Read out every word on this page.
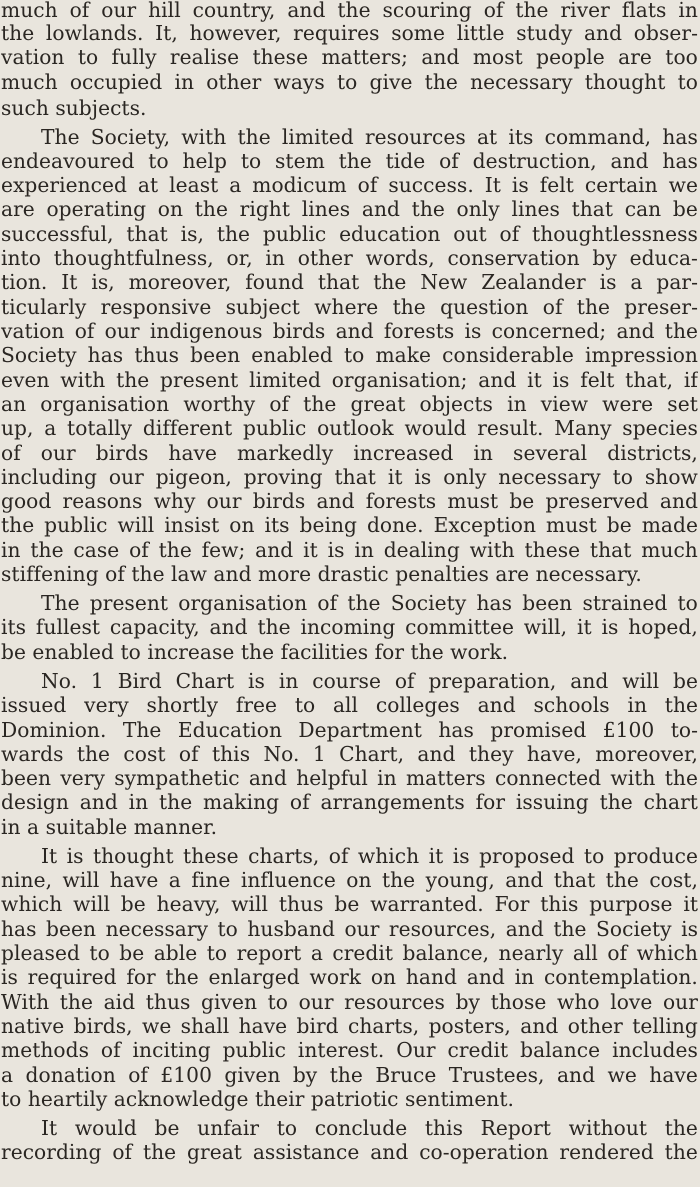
much of our hill country, and the scouring of the river flats in
the lowlands. It, however, requires some little study and obser-
vation to fully realise these matters; and most people are too
much occupied in other ways to give the necessary thought to
such subjects.
The Society, with the limited resources at its command, has
endeavoured to help to stem the tide of destruction, and has
experienced at least a modicum of success. It is felt certain we
are operating on the right lines and the only lines that can be
successful, that is, the public education out of thoughtlessness
into thoughtfulness, or, in other words, conservation by educa-
tion. It is, moreover, found that the New Zealander is a par-
ticularly responsive subject where the question of the preser-
vation of our indigenous birds and forests is concerned; and the
Society has thus been enabled to make considerable impression
even with the present limited organisation; and it is felt that, if
an organisation worthy of the great objects in view were set
up, a totally different public outlook would result. Many species
of our birds have markedly increased in several districts,
including our pigeon, proving that it is only necessary to show
good reasons why our birds and forests must be preserved and
the public will insist on its being done. Exception must be made
in the case of the few; and it is in dealing with these that much
stiffening of the law and more drastic penalties are necessary.
The present organisation of the Society has been strained to
its fullest capacity, and the incoming committee will, it is hoped,
be enabled to increase the facilities for the work.
No. 1 Bird Chart is in course of preparation, and will be
issued very shortly free to all colleges and schools in the
Dominion. The Education Department has promised £100 to-
wards the cost of this No. 1 Chart, and they have, moreover,
been very sympathetic and helpful in matters connected with the
design and in the making of arrangements for issuing the chart
in a suitable manner.
It is thought these charts, of which it is proposed to produce
nine, will have a fine influence on the young, and that the cost,
which will be heavy, will thus be warranted. For this purpose it
has been necessary to husband our resources, and the Society is
pleased to be able to report a credit balance, nearly all of which
is required for the enlarged work on hand and in contemplation.
With the aid thus given to our resources by those who love our
native birds, we shall have bird charts, posters, and other telling
methods of inciting public interest. Our credit balance includes
a donation of £100 given by the Bruce Trustees, and we have
to heartily acknowledge their patriotic sentiment.
It would be unfair to conclude this Report without the
recording of the great assistance and co-operation rendered the
